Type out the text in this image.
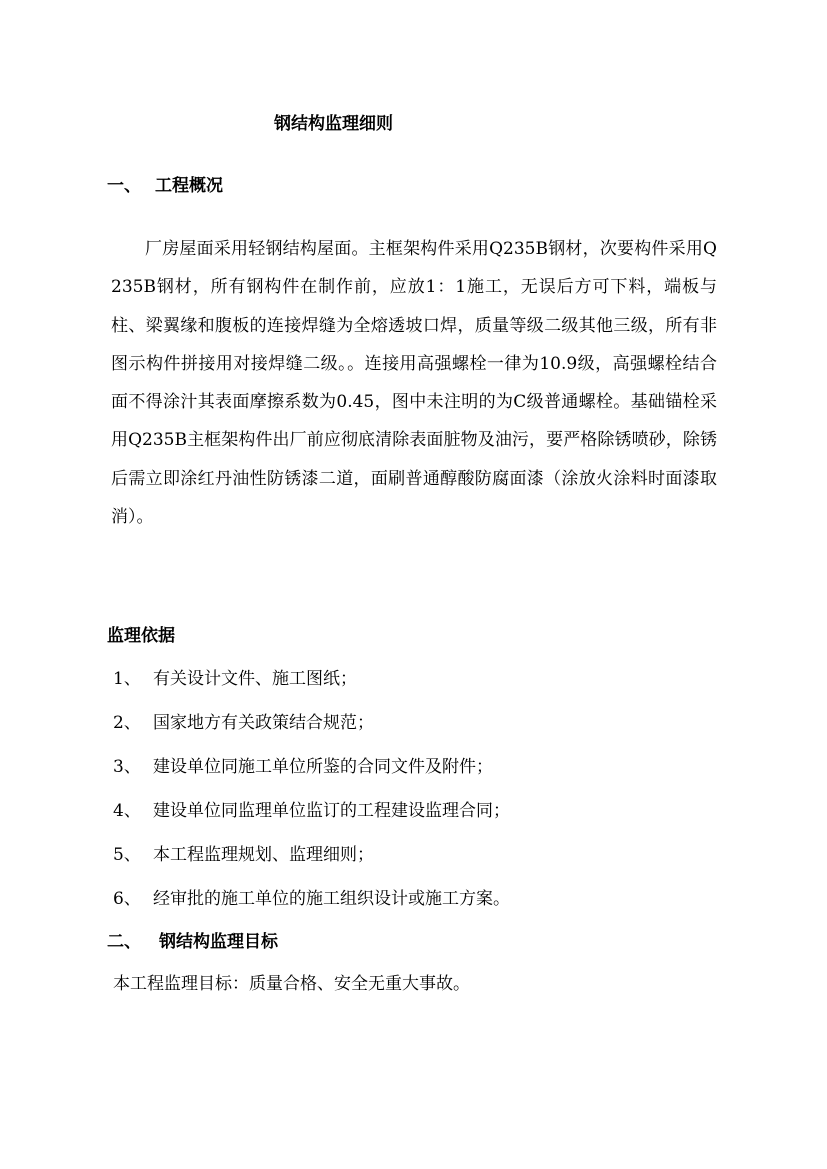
钢结构监理细则
一、 工程概况
厂房屋面采用轻钢结构屋面。主框架构件采用Q235B钢材，次要构件采用Q235B钢材，所有钢构件在制作前，应放1：1施工，无误后方可下料，端板与柱、梁翼缘和腹板的连接焊缝为全熔透坡口焊，质量等级二级其他三级，所有非图示构件拼接用对接焊缝二级。。连接用高强螺栓一律为10.9级，高强螺栓结合面不得涂汁其表面摩擦系数为0.45，图中未注明的为C级普通螺栓。基础锚栓采用Q235B主框架构件出厂前应彻底清除表面脏物及油污，要严格除锈喷砂，除锈后需立即涂红丹油性防锈漆二道，面刷普通醇酸防腐面漆（涂放火涂料时面漆取消）。
监理依据
1、 有关设计文件、施工图纸；
2、 国家地方有关政策结合规范；
3、 建设单位同施工单位所鉴的合同文件及附件；
4、 建设单位同监理单位监订的工程建设监理合同；
5、 本工程监理规划、监理细则；
6、 经审批的施工单位的施工组织设计或施工方案。
二、 钢结构监理目标
本工程监理目标：质量合格、安全无重大事故。
